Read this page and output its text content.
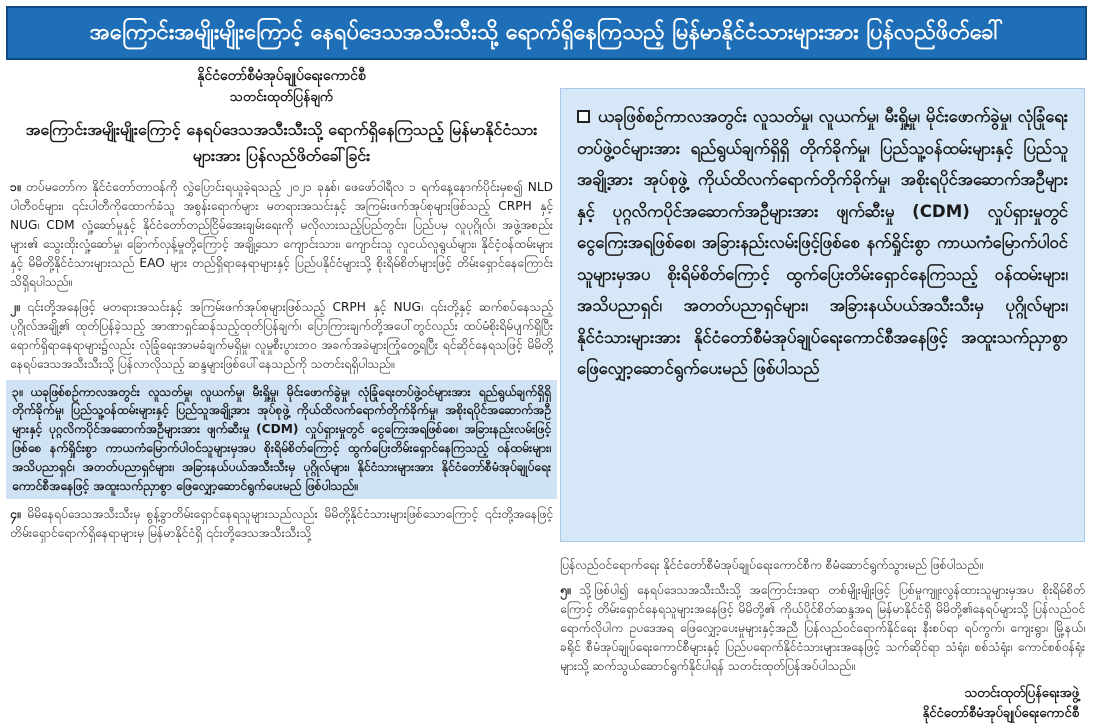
အကြောင်းအမျိုးမျိုးကြောင့် နေရပ်ဒေသအသီးသီးသို့ ရောက်ရှိနေကြသည့် မြန်မာနိုင်ငံသားများအား ပြန်လည်ဖိတ်ခေါ်
နိုင်ငံတော်စီမံအုပ်ချုပ်ရေးကောင်စီ
သတင်းထုတ်ပြန်ချက်
အကြောင်းအမျိုးမျိုးကြောင့် နေရပ်ဒေသအသီးသီးသို့ ရောက်ရှိနေကြသည့် မြန်မာနိုင်ငံသားများအား ပြန်လည်ဖိတ်ခေါ်ခြင်း

၁။ တပ်မတော်က နိုင်ငံတော်တာဝန်ကို လွှဲပြောင်းရယူခဲ့ရသည့် ၂၀၂၁ ခုနှစ်၊ ဖေဖော်ဝါရီလ ၁ ရက်နေ့နောက်ပိုင်းမှစ၍ NLD ပါတီဝင်များ၊ ၎င်းပါတီကိုထောက်ခံသူ အစွန်းရောက်များ မတရားအသင်းနှင့် အကြမ်းဖက်အုပ်စုများဖြစ်သည့် CRPH နှင့် NUG၊ CDM လှုံ့ဆော်မှုနှင့် နိုင်ငံတော်တည်ငြိမ်အေးချမ်းရေးကို မလိုလားသည့်ပြည်တွင်း၊ ပြည်ပမှ လူပုဂ္ဂိုလ်၊ အဖွဲ့အစည်းများ၏ သွေးထိုးလှုံ့ဆော်မှု၊ ခြောက်လှန့်မှုတို့ကြောင့် အချို့သော ကျောင်းသား၊ ကျောင်းသူ လူငယ်လူရွယ်များ၊ နိုင်ငံ့ဝန်ထမ်းများနှင့် မိမိတို့နိုင်ငံသားများသည် EAO များ တည်ရှိရာနေရာများနှင့် ပြည်ပနိုင်ငံများသို့ စိုးရိမ်စိတ်များဖြင့် တိမ်းရှောင်နေကြောင်း သိရှိရပါသည်။

၂။ ၎င်းတို့အနေဖြင့် မတရားအသင်းနှင့် အကြမ်းဖက်အုပ်စုများဖြစ်သည့် CRPH နှင့် NUG၊ ၎င်းတို့နှင့် ဆက်စပ်နေသည့် ပုဂ္ဂိုလ်အချို့၏ ထုတ်ပြန်ခဲ့သည့် အာဏာရှင်ဆန်သည့်ထုတ်ပြန်ချက်၊ ပြောကြားချက်တို့အပေါ်တွင်လည်း ထပ်မံစိုးရိမ်ပျက်ရှိပြီး ရောက်ရှိရာနေရာများ၌လည်း လုံခြုံရေးအာမခံချက်မရှိမှု၊ လူမှုစီးပွားဘဝ အခက်အခဲများကြုံတွေ့ရပြီး ရင်ဆိုင်နေရသဖြင့် မိမိတို့ နေရပ်ဒေသအသီးသီးသို့ ပြန်လာလိုသည့် ဆန္ဒများဖြစ်ပေါ်နေသည်ကို သတင်းရရှိပါသည်။

၃။ ယခုဖြစ်စဉ်ကာလအတွင်း လူသတ်မှု၊ လူယက်မှု၊ မီးရှို့မှု၊ မိုင်းဖောက်ခွဲမှု၊ လုံခြုံရေးတပ်ဖွဲ့ဝင်များအား ရည်ရွယ်ချက်ရှိရှိ တိုက်ခိုက်မှု၊ ပြည်သူ့ဝန်ထမ်းများနှင့် ပြည်သူအချို့အား အုပ်စုဖွဲ့ ကိုယ်ထိလက်ရောက်တိုက်ခိုက်မှု၊ အစိုးရပိုင်အဆောက်အဦများနှင့် ပုဂ္ဂလိကပိုင်အဆောက်အဦများအား ဖျက်ဆီးမှု (CDM) လှုပ်ရှားမှုတွင် ငွေကြေးအရဖြစ်စေ၊ အခြားနည်းလမ်းဖြင့်ဖြစ်စေ နက်ရှိုင်းစွာ ကာယကံမြောက်ပါဝင်သူများမှအပ စိုးရိမ်စိတ်ကြောင့် ထွက်ပြေးတိမ်းရှောင်နေကြသည့် ဝန်ထမ်းများ၊ အသိပညာရှင်၊ အတတ်ပညာရှင်များ၊ အခြားနယ်ပယ်အသီးသီးမှ ပုဂ္ဂိုလ်များ၊ နိုင်ငံသားများအား နိုင်ငံတော်စီမံအုပ်ချုပ်ရေးကောင်စီအနေဖြင့် အထူးသက်ညှာစွာ ဖြေလျှော့ဆောင်ရွက်ပေးမည် ဖြစ်ပါသည်။

၄။ မိမိနေရပ်ဒေသအသီးသီးမှ စွန့်ခွာတိမ်းရှောင်နေရသူများသည်လည်း မိမိတို့နိုင်ငံသားများဖြစ်သောကြောင့် ၎င်းတို့အနေဖြင့် တိမ်းရှောင်ရောက်ရှိနေရာများမှ မြန်မာနိုင်ငံရှိ ၎င်းတို့ဒေသအသီးသီးသို့

ယခုဖြစ်စဉ်ကာလအတွင်း လူသတ်မှု၊ လူယက်မှု၊ မီးရှို့မှု၊ မိုင်းဖောက်ခွဲမှု၊ လုံခြုံရေးတပ်ဖွဲ့ဝင်များအား ရည်ရွယ်ချက်ရှိရှိ တိုက်ခိုက်မှု၊ ပြည်သူ့ဝန်ထမ်းများနှင့် ပြည်သူအချို့အား အုပ်စုဖွဲ့ ကိုယ်ထိလက်ရောက်တိုက်ခိုက်မှု၊ အစိုးရပိုင်အဆောက်အဦများနှင့် ပုဂ္ဂလိကပိုင်အဆောက်အဦများအား ဖျက်ဆီးမှု (CDM) လှုပ်ရှားမှုတွင် ငွေကြေးအရဖြစ်စေ၊ အခြားနည်းလမ်းဖြင့်ဖြစ်စေ နက်ရှိုင်းစွာ ကာယကံမြောက်ပါဝင်သူများမှအပ စိုးရိမ်စိတ်ကြောင့် ထွက်ပြေးတိမ်းရှောင်နေကြသည့် ဝန်ထမ်းများ၊ အသိပညာရှင်၊ အတတ်ပညာရှင်များ၊ အခြားနယ်ပယ်အသီးသီးမှ ပုဂ္ဂိုလ်များ၊ နိုင်ငံသားများအား နိုင်ငံတော်စီမံအုပ်ချုပ်ရေးကောင်စီအနေဖြင့် အထူးသက်ညှာစွာ ဖြေလျှော့ဆောင်ရွက်ပေးမည် ဖြစ်ပါသည်

ပြန်လည်ဝင်ရောက်ရေး နိုင်ငံတော်စီမံအုပ်ချုပ်ရေးကောင်စီက စီမံဆောင်ရွက်သွားမည် ဖြစ်ပါသည်။

၅။ သို့ဖြစ်ပါ၍ နေရပ်ဒေသအသီးသီးသို့ အကြောင်းအရာ တစ်မျိုးမျိုးဖြင့် ပြစ်မှုကျူးလွန်ထားသူများမှအပ စိုးရိမ်စိတ်ကြောင့် တိမ်းရှောင်နေရသူများအနေဖြင့် မိမိတို့၏ ကိုယ်ပိုင်စိတ်ဆန္ဒအရ မြန်မာနိုင်ငံရှိ မိမိတို့၏နေရပ်များသို့ ပြန်လည်ဝင်ရောက်လိုပါက ဥပဒေအရ ဖြေလျှော့ပေးမှုများနှင့်အညီ ပြန်လည်ဝင်ရောက်နိုင်ရေး နီးစပ်ရာ ရပ်ကွက်၊ ကျေးရွာ၊ မြို့နယ်၊ ခရိုင် စီမံအုပ်ချုပ်ရေးကောင်စီများနှင့် ပြည်ပရောက်နိုင်ငံသားများအနေဖြင့် သက်ဆိုင်ရာ သံရုံး၊ စစ်သံရုံး၊ ကောင်စစ်ဝန်ရုံးများသို့ ဆက်သွယ်ဆောင်ရွက်နိုင်ပါရန် သတင်းထုတ်ပြန်အပ်ပါသည်။

သတင်းထုတ်ပြန်ရေးအဖွဲ့
နိုင်ငံတော်စီမံအုပ်ချုပ်ရေးကောင်စီ
